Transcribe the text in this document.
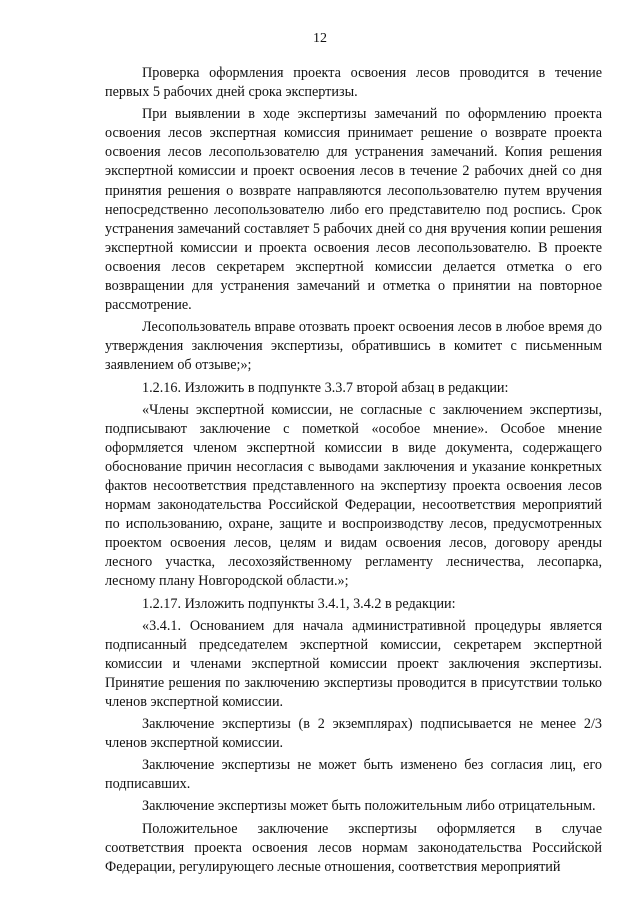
12

Проверка оформления проекта освоения лесов проводится в течение первых 5 рабочих дней срока экспертизы.

При выявлении в ходе экспертизы замечаний по оформлению проекта освоения лесов экспертная комиссия принимает решение о возврате проекта освоения лесов лесопользователю для устранения замечаний. Копия решения экспертной комиссии и проект освоения лесов в течение 2 рабочих дней со дня принятия решения о возврате направляются лесопользователю путем вручения непосредственно лесопользователю либо его представителю под роспись. Срок устранения замечаний составляет 5 рабочих дней со дня вручения копии решения экспертной комиссии и проекта освоения лесов лесопользователю. В проекте освоения лесов секретарем экспертной комиссии делается отметка о его возвращении для устранения замечаний и отметка о принятии на повторное рассмотрение.

Лесопользователь вправе отозвать проект освоения лесов в любое время до утверждения заключения экспертизы, обратившись в комитет с письменным заявлением об отзыве;»;

1.2.16. Изложить в подпункте 3.3.7 второй абзац в редакции:

«Члены экспертной комиссии, не согласные с заключением экспертизы, подписывают заключение с пометкой «особое мнение». Особое мнение оформляется членом экспертной комиссии в виде документа, содержащего обоснование причин несогласия с выводами заключения и указание конкретных фактов несоответствия представленного на экспертизу проекта освоения лесов нормам законодательства Российской Федерации, несоответствия мероприятий по использованию, охране, защите и воспроизводству лесов, предусмотренных проектом освоения лесов, целям и видам освоения лесов, договору аренды лесного участка, лесохозяйственному регламенту лесничества, лесопарка, лесному плану Новгородской области.»;

1.2.17. Изложить подпункты 3.4.1, 3.4.2 в редакции:

«3.4.1. Основанием для начала административной процедуры является подписанный председателем экспертной комиссии, секретарем экспертной комиссии и членами экспертной комиссии проект заключения экспертизы. Принятие решения по заключению экспертизы проводится в присутствии только членов экспертной комиссии.

Заключение экспертизы (в 2 экземплярах) подписывается не менее 2/3 членов экспертной комиссии.

Заключение экспертизы не может быть изменено без согласия лиц, его подписавших.

Заключение экспертизы может быть положительным либо отрицательным.

Положительное заключение экспертизы оформляется в случае соответствия проекта освоения лесов нормам законодательства Российской Федерации, регулирующего лесные отношения, соответствия мероприятий
